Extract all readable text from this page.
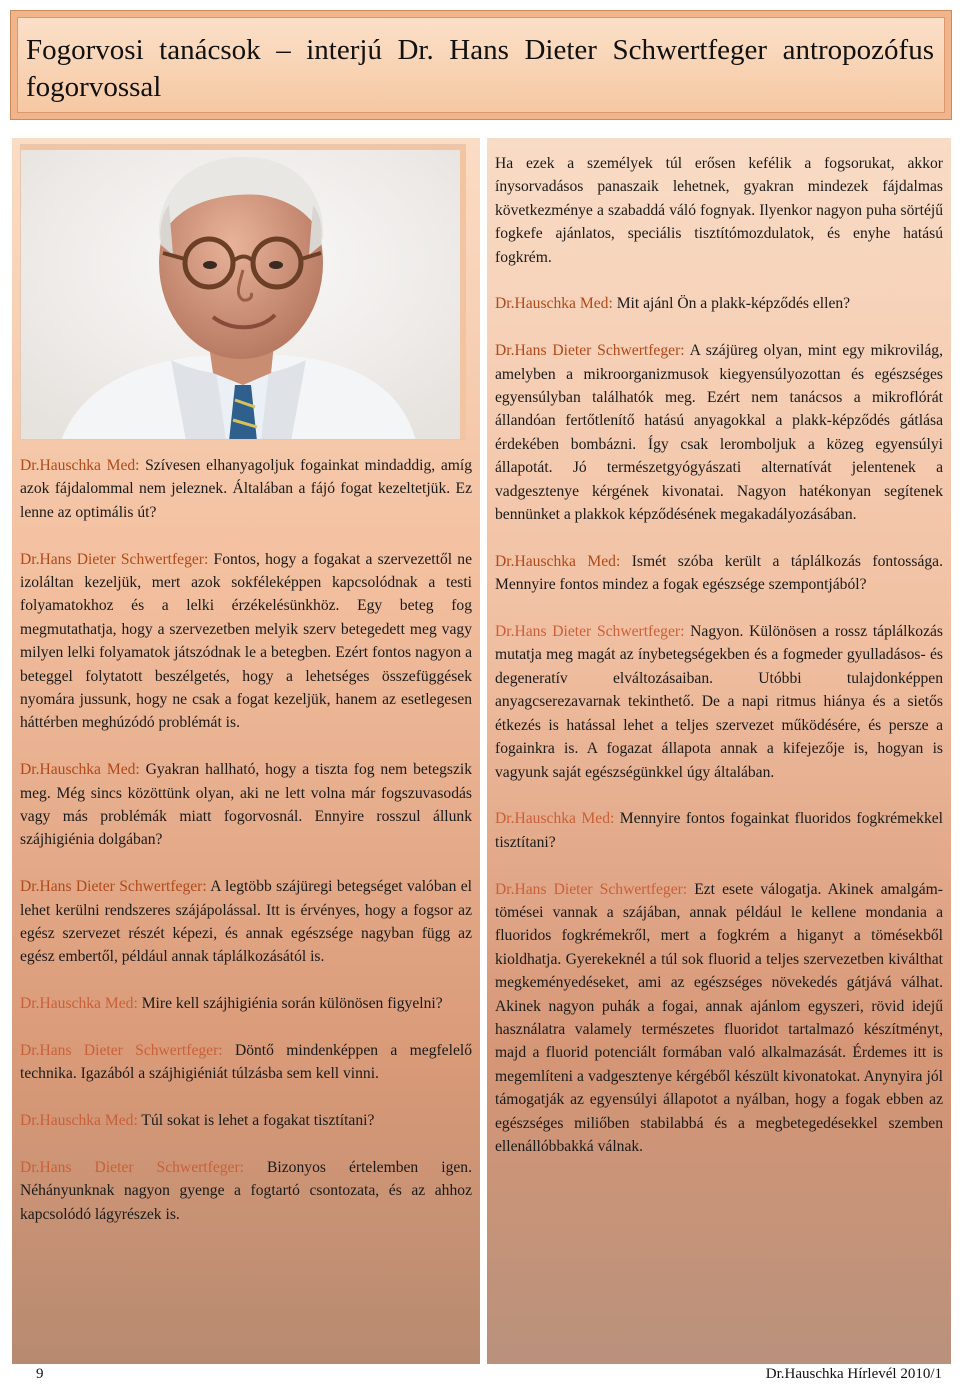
Fogorvosi tanácsok – interjú Dr. Hans Dieter Schwertfeger antropozófus fogorvossal

Dr.Hauschka Med: Szívesen elhanyagoljuk fogainkat mindaddig, amíg azok fájdalommal nem jeleznek. Általában a fájó fogat kezeltetjük. Ez lenne az optimális út?

Dr.Hans Dieter Schwertfeger: Fontos, hogy a fogakat a szervezettől ne izoláltan kezeljük, mert azok sokféleképpen kapcsolódnak a testi folyamatokhoz és a lelki érzékelésünkhöz. Egy beteg fog megmutathatja, hogy a szervezetben melyik szerv betegedett meg vagy milyen lelki folyamatok játszódnak le a betegben. Ezért fontos nagyon a beteggel folytatott beszélgetés, hogy a lehetséges összefüggések nyomára jussunk, hogy ne csak a fogat kezeljük, hanem az esetlegesen háttérben meghúzódó problémát is.

Dr.Hauschka Med: Gyakran hallható, hogy a tiszta fog nem betegszik meg. Még sincs közöttünk olyan, aki ne lett volna már fogszuvasodás vagy más problémák miatt fogorvosnál. Ennyire rosszul állunk szájhigiénia dolgában?

Dr.Hans Dieter Schwertfeger: A legtöbb szájüregi betegséget valóban el lehet kerülni rendszeres szájápolással. Itt is érvényes, hogy a fogsor az egész szervezet részét képezi, és annak egészsége nagyban függ az egész embertől, például annak táplálkozásától is.

Dr.Hauschka Med: Mire kell szájhigiénia során különösen figyelni?

Dr.Hans Dieter Schwertfeger: Döntő mindenképpen a megfelelő technika. Igazából a szájhigiéniát túlzásba sem kell vinni.

Dr.Hauschka Med: Túl sokat is lehet a fogakat tisztítani?

Dr.Hans Dieter Schwertfeger: Bizonyos értelemben igen. Néhányunknak nagyon gyenge a fogtartó csontozata, és az ahhoz kapcsolódó lágyrészek is.

Ha ezek a személyek túl erősen kefélik a fogsorukat, akkor ínysorvadásos panaszaik lehetnek, gyakran mindezek fájdalmas következménye a szabaddá váló fognyak. Ilyenkor nagyon puha sörtéjű fogkefe ajánlatos, speciális tisztítómozdulatok, és enyhe hatású fogkrém.

Dr.Hauschka Med: Mit ajánl Ön a plakk-képződés ellen?

Dr.Hans Dieter Schwertfeger: A szájüreg olyan, mint egy mikrovilág, amelyben a mikroorganizmusok kiegyensúlyozottan és egészséges egyensúlyban találhatók meg. Ezért nem tanácsos a mikroflórát állandóan fertőtlenítő hatású anyagokkal a plakk-képződés gátlása érdekében bombázni. Így csak leromboljuk a közeg egyensúlyi állapotát. Jó természetgyógyászati alternatívát jelentenek a vadgesztenye kérgének kivonatai. Nagyon hatékonyan segítenek bennünket a plakkok képződésének megakadályozásában.

Dr.Hauschka Med: Ismét szóba került a táplálkozás fontossága. Mennyire fontos mindez a fogak egészsége szempontjából?

Dr.Hans Dieter Schwertfeger: Nagyon. Különösen a rossz táplálkozás mutatja meg magát az ínybetegségekben és a fogmeder gyulladásos- és degeneratív elváltozásaiban. Utóbbi tulajdonképpen anyagcserezavarnak tekinthető. De a napi ritmus hiánya és a sietős étkezés is hatással lehet a teljes szervezet működésére, és persze a fogainkra is. A fogazat állapota annak a kifejezője is, hogyan is vagyunk saját egészségünkkel úgy általában.

Dr.Hauschka Med: Mennyire fontos fogainkat fluoridos fogkrémekkel tisztítani?

Dr.Hans Dieter Schwertfeger: Ezt esete válogatja. Akinek amalgám-tömései vannak a szájában, annak például le kellene mondania a fluoridos fogkrémekről, mert a fogkrém a higanyt a tömésekből kioldhatja. Gyerekeknél a túl sok fluorid a teljes szervezetben kiválthat megkeményedéseket, ami az egészséges növekedés gátjává válhat. Akinek nagyon puhák a fogai, annak ajánlom egyszeri, rövid idejű használatra valamely természetes fluoridot tartalmazó készítményt, majd a fluorid potenciált formában való alkalmazását. Érdemes itt is megemlíteni a vadgesztenye kérgéből készült kivonatokat. Anynyira jól támogatják az egyensúlyi állapotot a nyálban, hogy a fogak ebben az egészséges miliőben stabilabbá és a megbetegedésekkel szemben ellenállóbbakká válnak.

9	Dr.Hauschka Hírlevél 2010/1
